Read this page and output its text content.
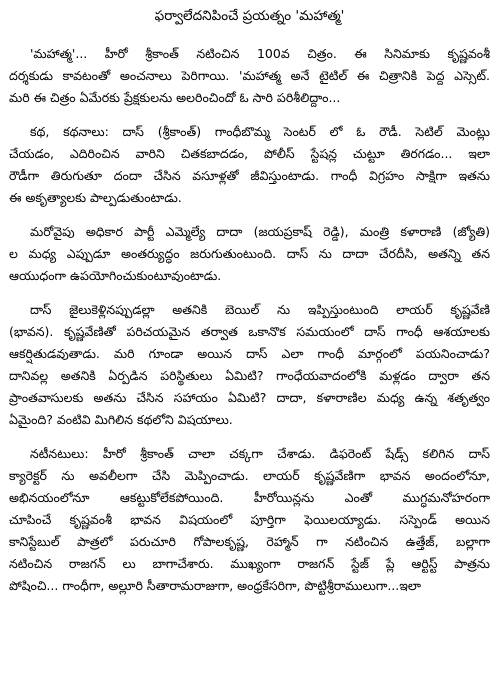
ఫర్వాలేదనిపించే ప్రయత్నం 'మహాత్మ'
'మహాత్మ'... హీరో శ్రీకాంత్ నటించిన 100వ చిత్రం. ఈ సినిమాకు కృష్ణవంశీ
దర్శకుడు కావటంతో అంచనాలు పెరిగాయి. 'మహాత్మ అనే టైటిల్ ఈ చిత్రానికి పెద్ద ఎస్సెట్.
మరి ఈ చిత్రం ఏమేరకు ప్రేక్షకులను అలరించిందో ఓ సారి పరిశీలిద్దాం...
కథ, కథనాలు: దాస్ (శ్రీకాంత్) గాంధీబొమ్మ సెంటర్ లో ఓ రౌడీ. సెటిల్ మెంట్లు
చేయడం, ఎదిరించిన వారిని చితకబాదడం, పోలీస్ స్టేషన్ల చుట్టూ తిరగడం... ఇలా
రౌడీగా తిరుగుతూ దందా చేసిన వసూళ్లతో జీవిస్తుంటాడు. గాంధీ విగ్రహం సాక్షిగా ఇతను
ఈ అకృత్యాలకు పాల్పడుతుంటాడు.
మరోవైపు అధికార పార్టీ ఎమ్మెల్యే దాదా (జయప్రకాష్ రెడ్డి), మంత్రి కళారాణి (జ్యోతి)
ల మధ్య ఎప్పుడూ అంతర్యుద్ధం జరుగుతుంటుంది. దాస్ ను దాదా చేరదీసి, అతన్ని తన
ఆయుధంగా ఉపయోగించుకుంటూవుంటాడు.
దాస్ జైలుకెళ్లినప్పుడల్లా అతనికి బెయిల్ ను ఇప్పిస్తుంటుంది లాయర్ కృష్ణవేణి
(భావన). కృష్ణవేణితో పరిచయమైన తర్వాత ఒకానొక సమయంలో దాస్ గాంధీ ఆశయాలకు
ఆకర్షితుడవుతాడు. మరి గూండా అయిన దాస్ ఎలా గాంధీ మార్గంలో పయనించాడు?
దానివల్ల అతనికి ఏర్పడిన పరిస్థితులు ఏమిటి? గాంధేయవాదంలోకి మళ్లడం ద్వారా తన
ప్రాంతవాసులకు అతను చేసిన సహాయం ఏమిటి? దాదా, కళారాణిల మధ్య ఉన్న శతృత్వం
ఏమైంది? వంటివి మిగిలిన కథలోని విషయాలు.
నటీనటులు: హీరో శ్రీకాంత్ చాలా చక్కగా చేశాడు. డిఫరెంట్ షేడ్స్ కలిగిన దాస్
క్యారెక్టర్ ను అవలీలగా చేసి మెప్పించాడు. లాయర్ కృష్ణవేణిగా భావన అందంలోనూ,
అభినయంలోనూ ఆకట్టుకోలేకపోయింది. హీరోయిన్లను ఎంతో ముగ్ధమనోహరంగా
చూపించే కృష్ణవంశీ భావన విషయంలో పూర్తిగా ఫెయిలయ్యాడు. సస్పెండ్ అయిన
కానిస్టేబుల్ పాత్రలో పరుచూరి గోపాలకృష్ణ, రెహ్మాన్ గా నటించిన ఉత్తేజ్, బల్లాగా
నటించిన రాజగన్ లు బాగాచేశారు. ముఖ్యంగా రాజగన్ స్టేజ్ ప్లే ఆర్టిస్ట్ పాత్రను
పోషించి... గాంధీగా, అల్లూరి సీతారామరాజుగా, అంధ్రకేసరిగా, పొట్టిశ్రీరాములుగా...ఇలా
